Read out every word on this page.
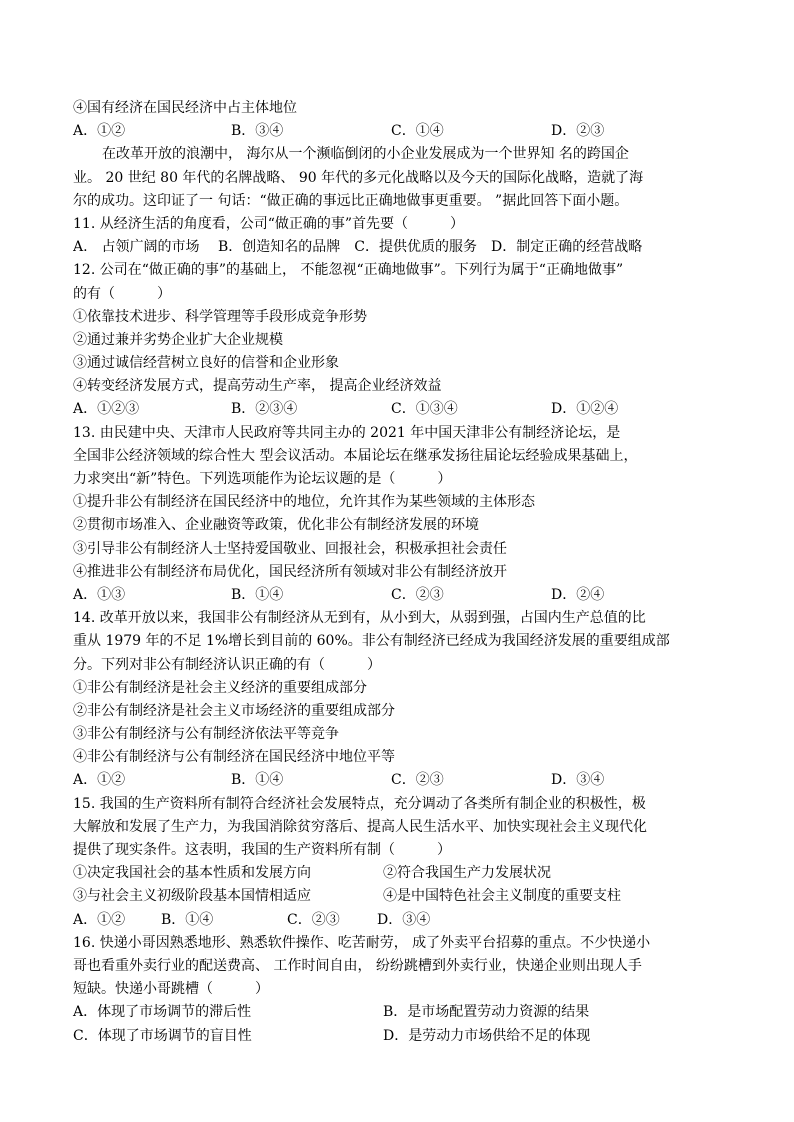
④国有经济在国民经济中占主体地位
A．①②	B．③④	C．①④	D．②③
在改革开放的浪潮中， 海尔从一个濒临倒闭的小企业发展成为一个世界知 名的跨国企
业。 20 世纪 80 年代的名牌战略、 90 年代的多元化战略以及今天的国际化战略，造就了海
尔的成功。这印证了一 句话：“做正确的事远比正确地做事更重要。 ”据此回答下面小题。
11. 从经济生活的角度看，公司“做正确的事”首先要（　　　）
A.　占领广阔的市场　 B．创造知名的品牌　C．提供优质的服务　D．制定正确的经营战略
12. 公司在“做正确的事”的基础上， 不能忽视“正确地做事”。下列行为属于“正确地做事”
的有（　　　）
①依靠技术进步、科学管理等手段形成竞争形势
②通过兼并劣势企业扩大企业规模
③通过诚信经营树立良好的信誉和企业形象
④转变经济发展方式，提高劳动生产率， 提高企业经济效益
A．①②③	B．②③④	C．①③④	D．①②④
13. 由民建中央、天津市人民政府等共同主办的 2021 年中国天津非公有制经济论坛，是
全国非公经济领域的综合性大 型会议活动。本届论坛在继承发扬往届论坛经验成果基础上，
力求突出“新”特色。下列选项能作为论坛议题的是（　　　）
①提升非公有制经济在国民经济中的地位，允许其作为某些领域的主体形态
②贯彻市场准入、企业融资等政策，优化非公有制经济发展的环境
③引导非公有制经济人士坚持爱国敬业、回报社会，积极承担社会责任
④推进非公有制经济布局优化，国民经济所有领域对非公有制经济放开
A．①③	B．①④	C．②③	D．②④
14. 改革开放以来，我国非公有制经济从无到有，从小到大，从弱到强，占国内生产总值的比
重从 1979 年的不足 1%增长到目前的 60%。非公有制经济已经成为我国经济发展的重要组成部
分。下列对非公有制经济认识正确的有（　　　）
①非公有制经济是社会主义经济的重要组成部分
②非公有制经济是社会主义市场经济的重要组成部分
③非公有制经济与公有制经济依法平等竞争
④非公有制经济与公有制经济在国民经济中地位平等
A．①②	B．①④	C．②③	D．③④
15. 我国的生产资料所有制符合经济社会发展特点，充分调动了各类所有制企业的积极性，极
大解放和发展了生产力，为我国消除贫穷落后、提高人民生活水平、加快实现社会主义现代化
提供了现实条件。这表明，我国的生产资料所有制（　　　）
①决定我国社会的基本性质和发展方向	②符合我国生产力发展状况
③与社会主义初级阶段基本国情相适应	④是中国特色社会主义制度的重要支柱
A．①②	B．①④	C．②③	D．③④
16. 快递小哥因熟悉地形、熟悉软件操作、吃苦耐劳， 成了外卖平台招募的重点。不少快递小
哥也看重外卖行业的配送费高、 工作时间自由， 纷纷跳槽到外卖行业，快递企业则出现人手
短缺。快递小哥跳槽（　　　）
A．体现了市场调节的滞后性	B．是市场配置劳动力资源的结果
C．体现了市场调节的盲目性	D．是劳动力市场供给不足的体现
